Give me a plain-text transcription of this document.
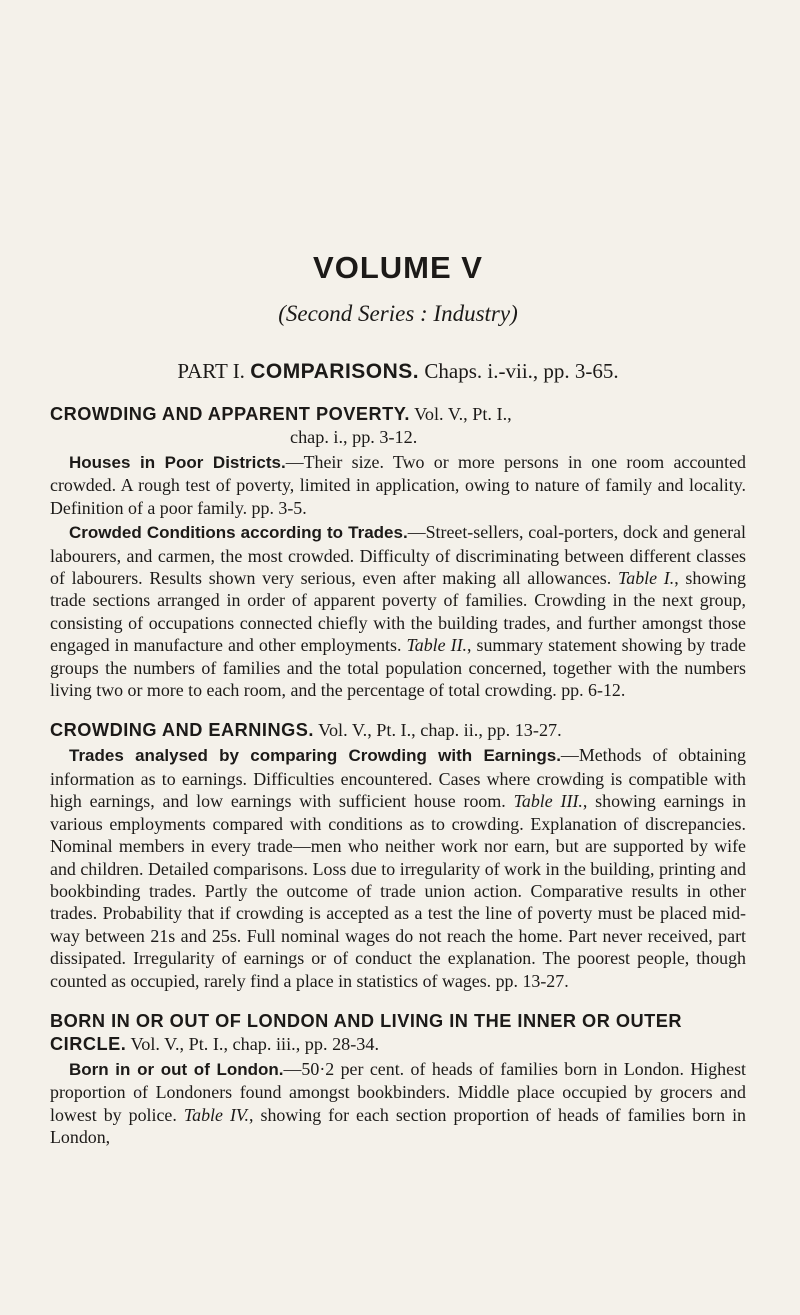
VOLUME V

(Second Series : Industry)

PART I. COMPARISONS. Chaps. i.-vii., pp. 3-65.

CROWDING AND APPARENT POVERTY. Vol. V., Pt. I.,
chap. i., pp. 3-12.

Houses in Poor Districts.—Their size. Two or more persons in one room accounted crowded. A rough test of poverty, limited in application, owing to nature of family and locality. Definition of a poor family. pp. 3-5.

Crowded Conditions according to Trades.—Street-sellers, coal-porters, dock and general labourers, and carmen, the most crowded. Difficulty of discriminating between different classes of labourers. Results shown very serious, even after making all allowances. Table I., showing trade sections arranged in order of apparent poverty of families. Crowding in the next group, consisting of occupations connected chiefly with the building trades, and further amongst those engaged in manufacture and other employments. Table II., summary statement showing by trade groups the numbers of families and the total population concerned, together with the numbers living two or more to each room, and the percentage of total crowding. pp. 6-12.

CROWDING AND EARNINGS. Vol. V., Pt. I., chap. ii., pp. 13-27.

Trades analysed by comparing Crowding with Earnings.—Methods of obtaining information as to earnings. Difficulties encountered. Cases where crowding is compatible with high earnings, and low earnings with sufficient house room. Table III., showing earnings in various employments compared with conditions as to crowding. Explanation of discrepancies. Nominal members in every trade—men who neither work nor earn, but are supported by wife and children. Detailed comparisons. Loss due to irregularity of work in the building, printing and bookbinding trades. Partly the outcome of trade union action. Comparative results in other trades. Probability that if crowding is accepted as a test the line of poverty must be placed mid-way between 21s and 25s. Full nominal wages do not reach the home. Part never received, part dissipated. Irregularity of earnings or of conduct the explanation. The poorest people, though counted as occupied, rarely find a place in statistics of wages. pp. 13-27.

BORN IN OR OUT OF LONDON AND LIVING IN THE INNER OR OUTER CIRCLE. Vol. V., Pt. I., chap. iii., pp. 28-34.

Born in or out of London.—50·2 per cent. of heads of families born in London. Highest proportion of Londoners found amongst bookbinders. Middle place occupied by grocers and lowest by police. Table IV., showing for each section proportion of heads of families born in London,
